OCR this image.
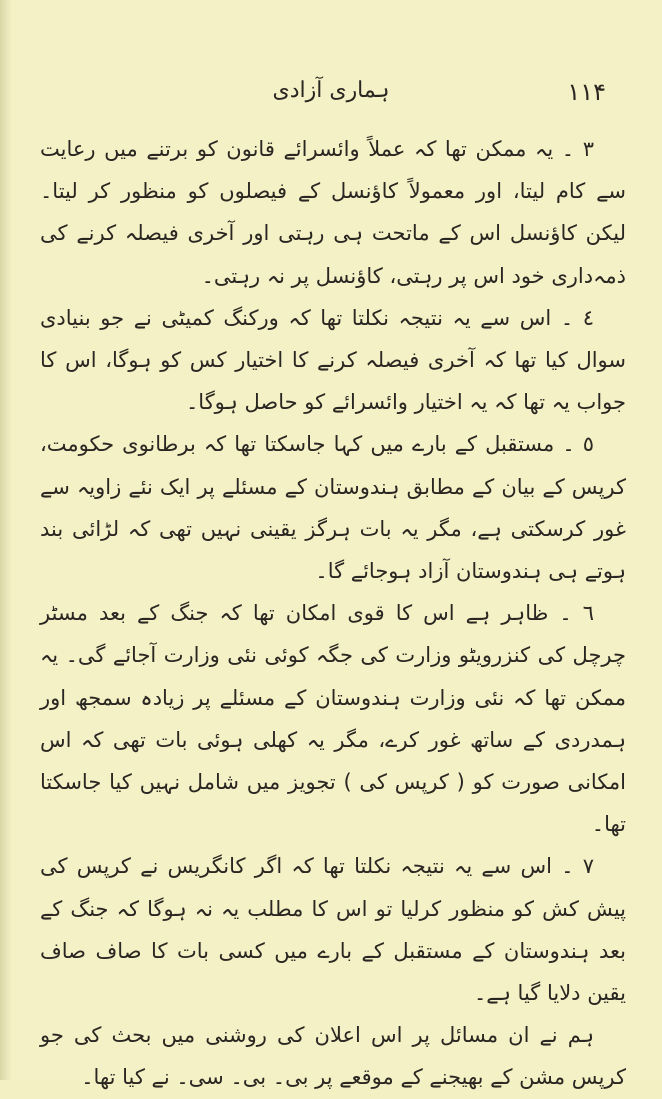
۱۱۴
ہماری آزادی

۳ ۔ یہ ممکن تھا کہ عملاً وائسرائے قانون کو برتنے میں رعایت سے کام لیتا، اور معمولاً کاؤنسل کے فیصلوں کو منظور کر لیتا۔ لیکن کاؤنسل اس کے ماتحت ہی رہتی اور آخری فیصلہ کرنے کی ذمہ‌داری خود اس پر رہتی، کاؤنسل پر نہ رہتی۔

٤ ۔ اس سے یہ نتیجہ نکلتا تھا کہ ورکنگ کمیٹی نے جو بنیادی سوال کیا تھا کہ آخری فیصلہ کرنے کا اختیار کس کو ہوگا، اس کا جواب یہ تھا کہ یہ اختیار وائسرائے کو حاصل ہوگا۔

٥ ۔ مستقبل کے بارے میں کہا جاسکتا تھا کہ برطانوی حکومت، کرپس کے بیان کے مطابق ہندوستان کے مسئلے پر ایک نئے زاویہ سے غور کرسکتی ہے، مگر یہ بات ہرگز یقینی نہیں تھی کہ لڑائی بند ہوتے ہی ہندوستان آزاد ہوجائے گا۔

٦ ۔ ظاہر ہے اس کا قوی امکان تھا کہ جنگ کے بعد مسٹر چرچل کی کنزرویٹو وزارت کی جگہ کوئی نئی وزارت آجائے گی۔ یہ ممکن تھا کہ نئی وزارت ہندوستان کے مسئلے پر زیادہ سمجھ اور ہمدردی کے ساتھ غور کرے، مگر یہ کھلی ہوئی بات تھی کہ اس امکانی صورت کو ( کرپس کی ) تجویز میں شامل نہیں کیا جاسکتا تھا۔

۷ ۔ اس سے یہ نتیجہ نکلتا تھا کہ اگر کانگریس نے کرپس کی پیش کش کو منظور کرلیا تو اس کا مطلب یہ نہ ہوگا کہ جنگ کے بعد ہندوستان کے مستقبل کے بارے میں کسی بات کا صاف صاف یقین دلایا گیا ہے۔

ہم نے ان مسائل پر اس اعلان کی روشنی میں بحث کی جو کرپس مشن کے بھیجنے کے موقعے پر بی۔ بی۔ سی۔ نے کیا تھا۔
